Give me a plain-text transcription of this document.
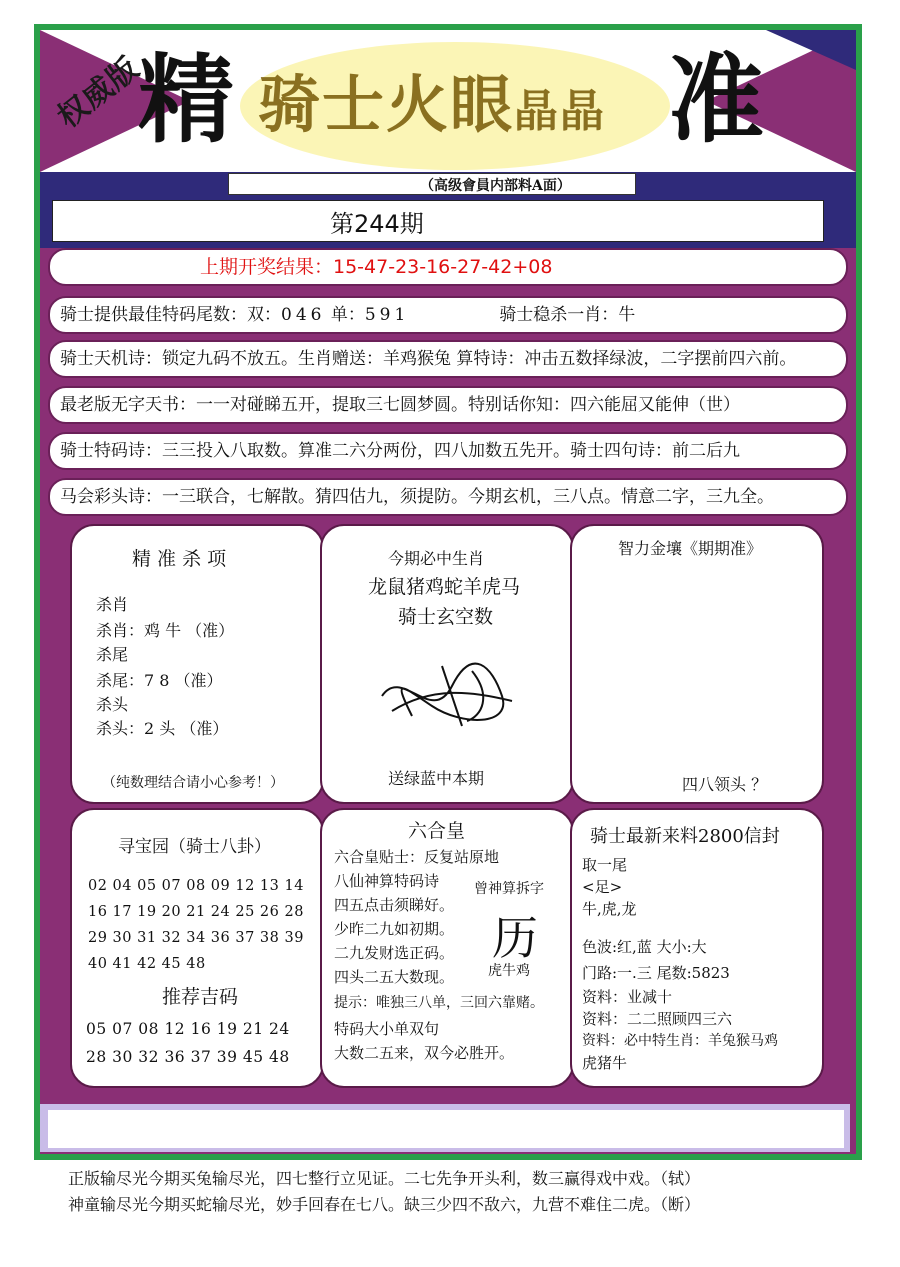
权威版
精 骑士火眼晶晶 准
（高级會員内部料A面）
第244期
上期开奖结果：15-47-23-16-27-42+08
骑士提供最佳特码尾数：双：046 单：591	骑士稳杀一肖：牛
骑士天机诗：锁定九码不放五。生肖赠送：羊鸡猴兔 算特诗：冲击五数择绿波，二字摆前四六前。
最老版无字天书：一一对碰睇五开，提取三七圆梦圆。特别话你知：四六能屈又能伸（世）
骑士特码诗：三三投入八取数。算准二六分两份，四八加数五先开。骑士四句诗：前二后九
马会彩头诗：一三联合，七解散。猜四估九，须提防。今期玄机，三八点。情意二字，三九全。
精 准 杀 项
杀肖
杀肖：鸡 牛 （准）
杀尾
杀尾：7 8 （准）
杀头
杀头：2 头 （准）
（纯数理结合请小心参考！）
今期必中生肖
龙鼠猪鸡蛇羊虎马
骑士玄空数
送绿蓝中本期
智力金壤《期期准》
四八领头 ？
寻宝园（骑士八卦）
02 04 05 07 08 09 12 13 14
16 17 19 20 21 24 25 26 28
29 30 31 32 34 36 37 38 39
40 41 42 45 48
推荐吉码
05 07 08 12 16 19 21 24
28 30 32 36 37 39 45 48
六合皇
六合皇贴士：反复站原地
八仙神算特码诗
四五点击须睇好。
少昨二九如初期。
二九发财选正码。
四头二五大数现。
提示：唯独三八单，三回六靠赌。
特码大小单双句
大数二五来，双今必胜开。
曾神算拆字
历
虎牛鸡
骑士最新来料2800信封
取一尾
<足>
牛,虎,龙
色波:红,蓝 大小:大
门路:一.三 尾数:5823
资料：业减十
资料：二二照顾四三六
资料：必中特生肖：羊兔猴马鸡
虎猪牛
正版输尽光今期买兔输尽光，四七整行立见证。二七先争开头利，数三赢得戏中戏。（轼）
神童输尽光今期买蛇输尽光，妙手回春在七八。缺三少四不敌六，九营不难住二虎。（断）
